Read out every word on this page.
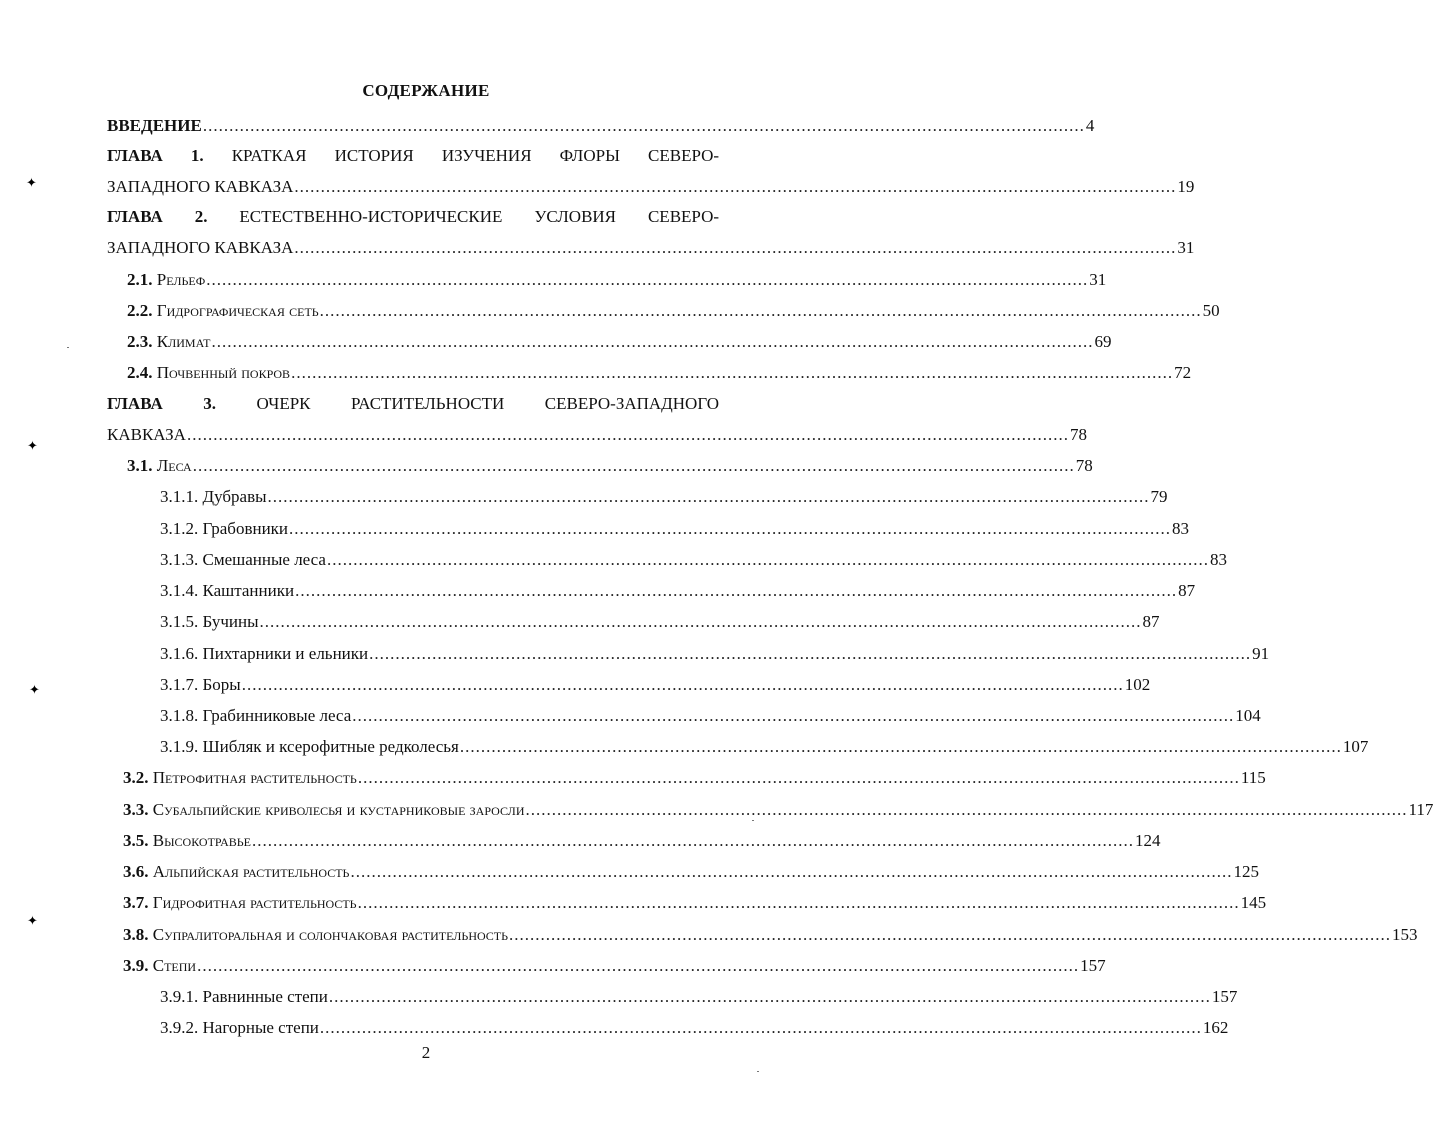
СОДЕРЖАНИЕ
ВВЕДЕНИЕ ........................................................................................................................................................................ 4
ГЛАВА 1. КРАТКАЯ ИСТОРИЯ ИЗУЧЕНИЯ ФЛОРЫ СЕВЕРО-
ЗАПАДНОГО КАВКАЗА ........................................................................................................................................................................ 19
ГЛАВА 2. ЕСТЕСТВЕННО-ИСТОРИЧЕСКИЕ УСЛОВИЯ СЕВЕРО-
ЗАПАДНОГО КАВКАЗА ........................................................................................................................................................................ 31
2.1. Рельеф ........................................................................................................................................................................ 31
2.2. Гидрографическая сеть ........................................................................................................................................................................ 50
2.3. Климат ........................................................................................................................................................................ 69
2.4. Почвенный покров ........................................................................................................................................................................ 72
ГЛАВА 3. ОЧЕРК РАСТИТЕЛЬНОСТИ СЕВЕРО-ЗАПАДНОГО
КАВКАЗА ........................................................................................................................................................................ 78
3.1. Леса ........................................................................................................................................................................ 78
3.1.1. Дубравы ........................................................................................................................................................................ 79
3.1.2. Грабовники ........................................................................................................................................................................ 83
3.1.3. Смешанные леса ........................................................................................................................................................................ 83
3.1.4. Каштанники ........................................................................................................................................................................ 87
3.1.5. Бучины ........................................................................................................................................................................ 87
3.1.6. Пихтарники и ельники ........................................................................................................................................................................ 91
3.1.7. Боры ........................................................................................................................................................................ 102
3.1.8. Грабинниковые леса ........................................................................................................................................................................ 104
3.1.9. Шибляк и ксерофитные редколесья ........................................................................................................................................................................ 107
3.2. Петрофитная растительность ........................................................................................................................................................................ 115
3.3. Субальпийские криволесья и кустарниковые заросли ........................................................................................................................................................................ 117
3.5. Высокотравье ........................................................................................................................................................................ 124
3.6. Альпийская растительность ........................................................................................................................................................................ 125
3.7. Гидрофитная растительность ........................................................................................................................................................................ 145
3.8. Супралиторальная и солончаковая растительность ........................................................................................................................................................................ 153
3.9. Степи ........................................................................................................................................................................ 157
3.9.1. Равнинные степи ........................................................................................................................................................................ 157
3.9.2. Нагорные степи ........................................................................................................................................................................ 162
2
✦
✦
✦
✦
